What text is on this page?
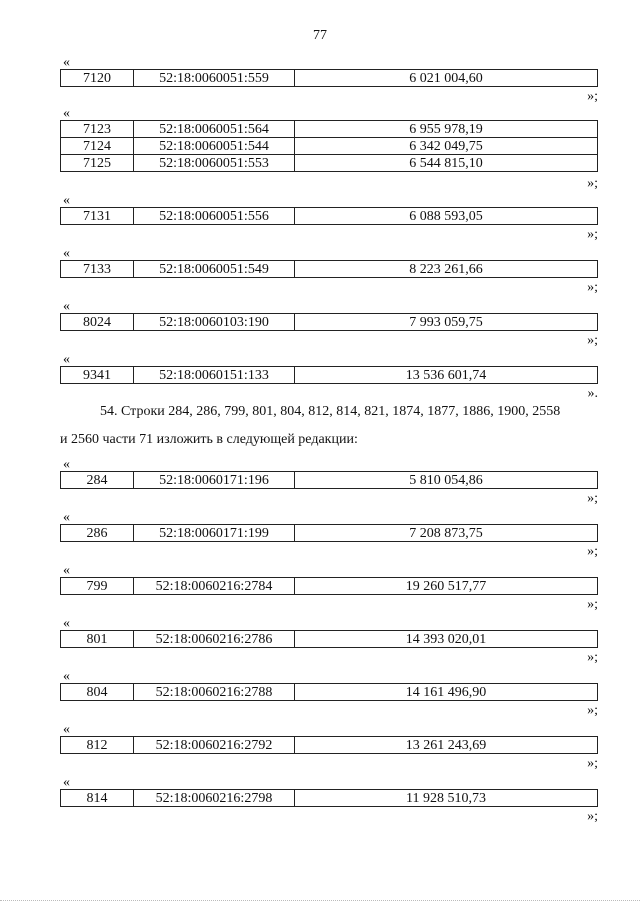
77
«
7120	52:18:0060051:559	6 021 004,60
»;
«
7123	52:18:0060051:564	6 955 978,19
7124	52:18:0060051:544	6 342 049,75
7125	52:18:0060051:553	6 544 815,10
»;
«
7131	52:18:0060051:556	6 088 593,05
»;
«
7133	52:18:0060051:549	8 223 261,66
»;
«
8024	52:18:0060103:190	7 993 059,75
»;
«
9341	52:18:0060151:133	13 536 601,74
».
54. Строки 284, 286, 799, 801, 804, 812, 814, 821, 1874, 1877, 1886, 1900, 2558
и 2560 части 71 изложить в следующей редакции:
«
284	52:18:0060171:196	5 810 054,86
»;
«
286	52:18:0060171:199	7 208 873,75
»;
«
799	52:18:0060216:2784	19 260 517,77
»;
«
801	52:18:0060216:2786	14 393 020,01
»;
«
804	52:18:0060216:2788	14 161 496,90
»;
«
812	52:18:0060216:2792	13 261 243,69
»;
«
814	52:18:0060216:2798	11 928 510,73
»;
